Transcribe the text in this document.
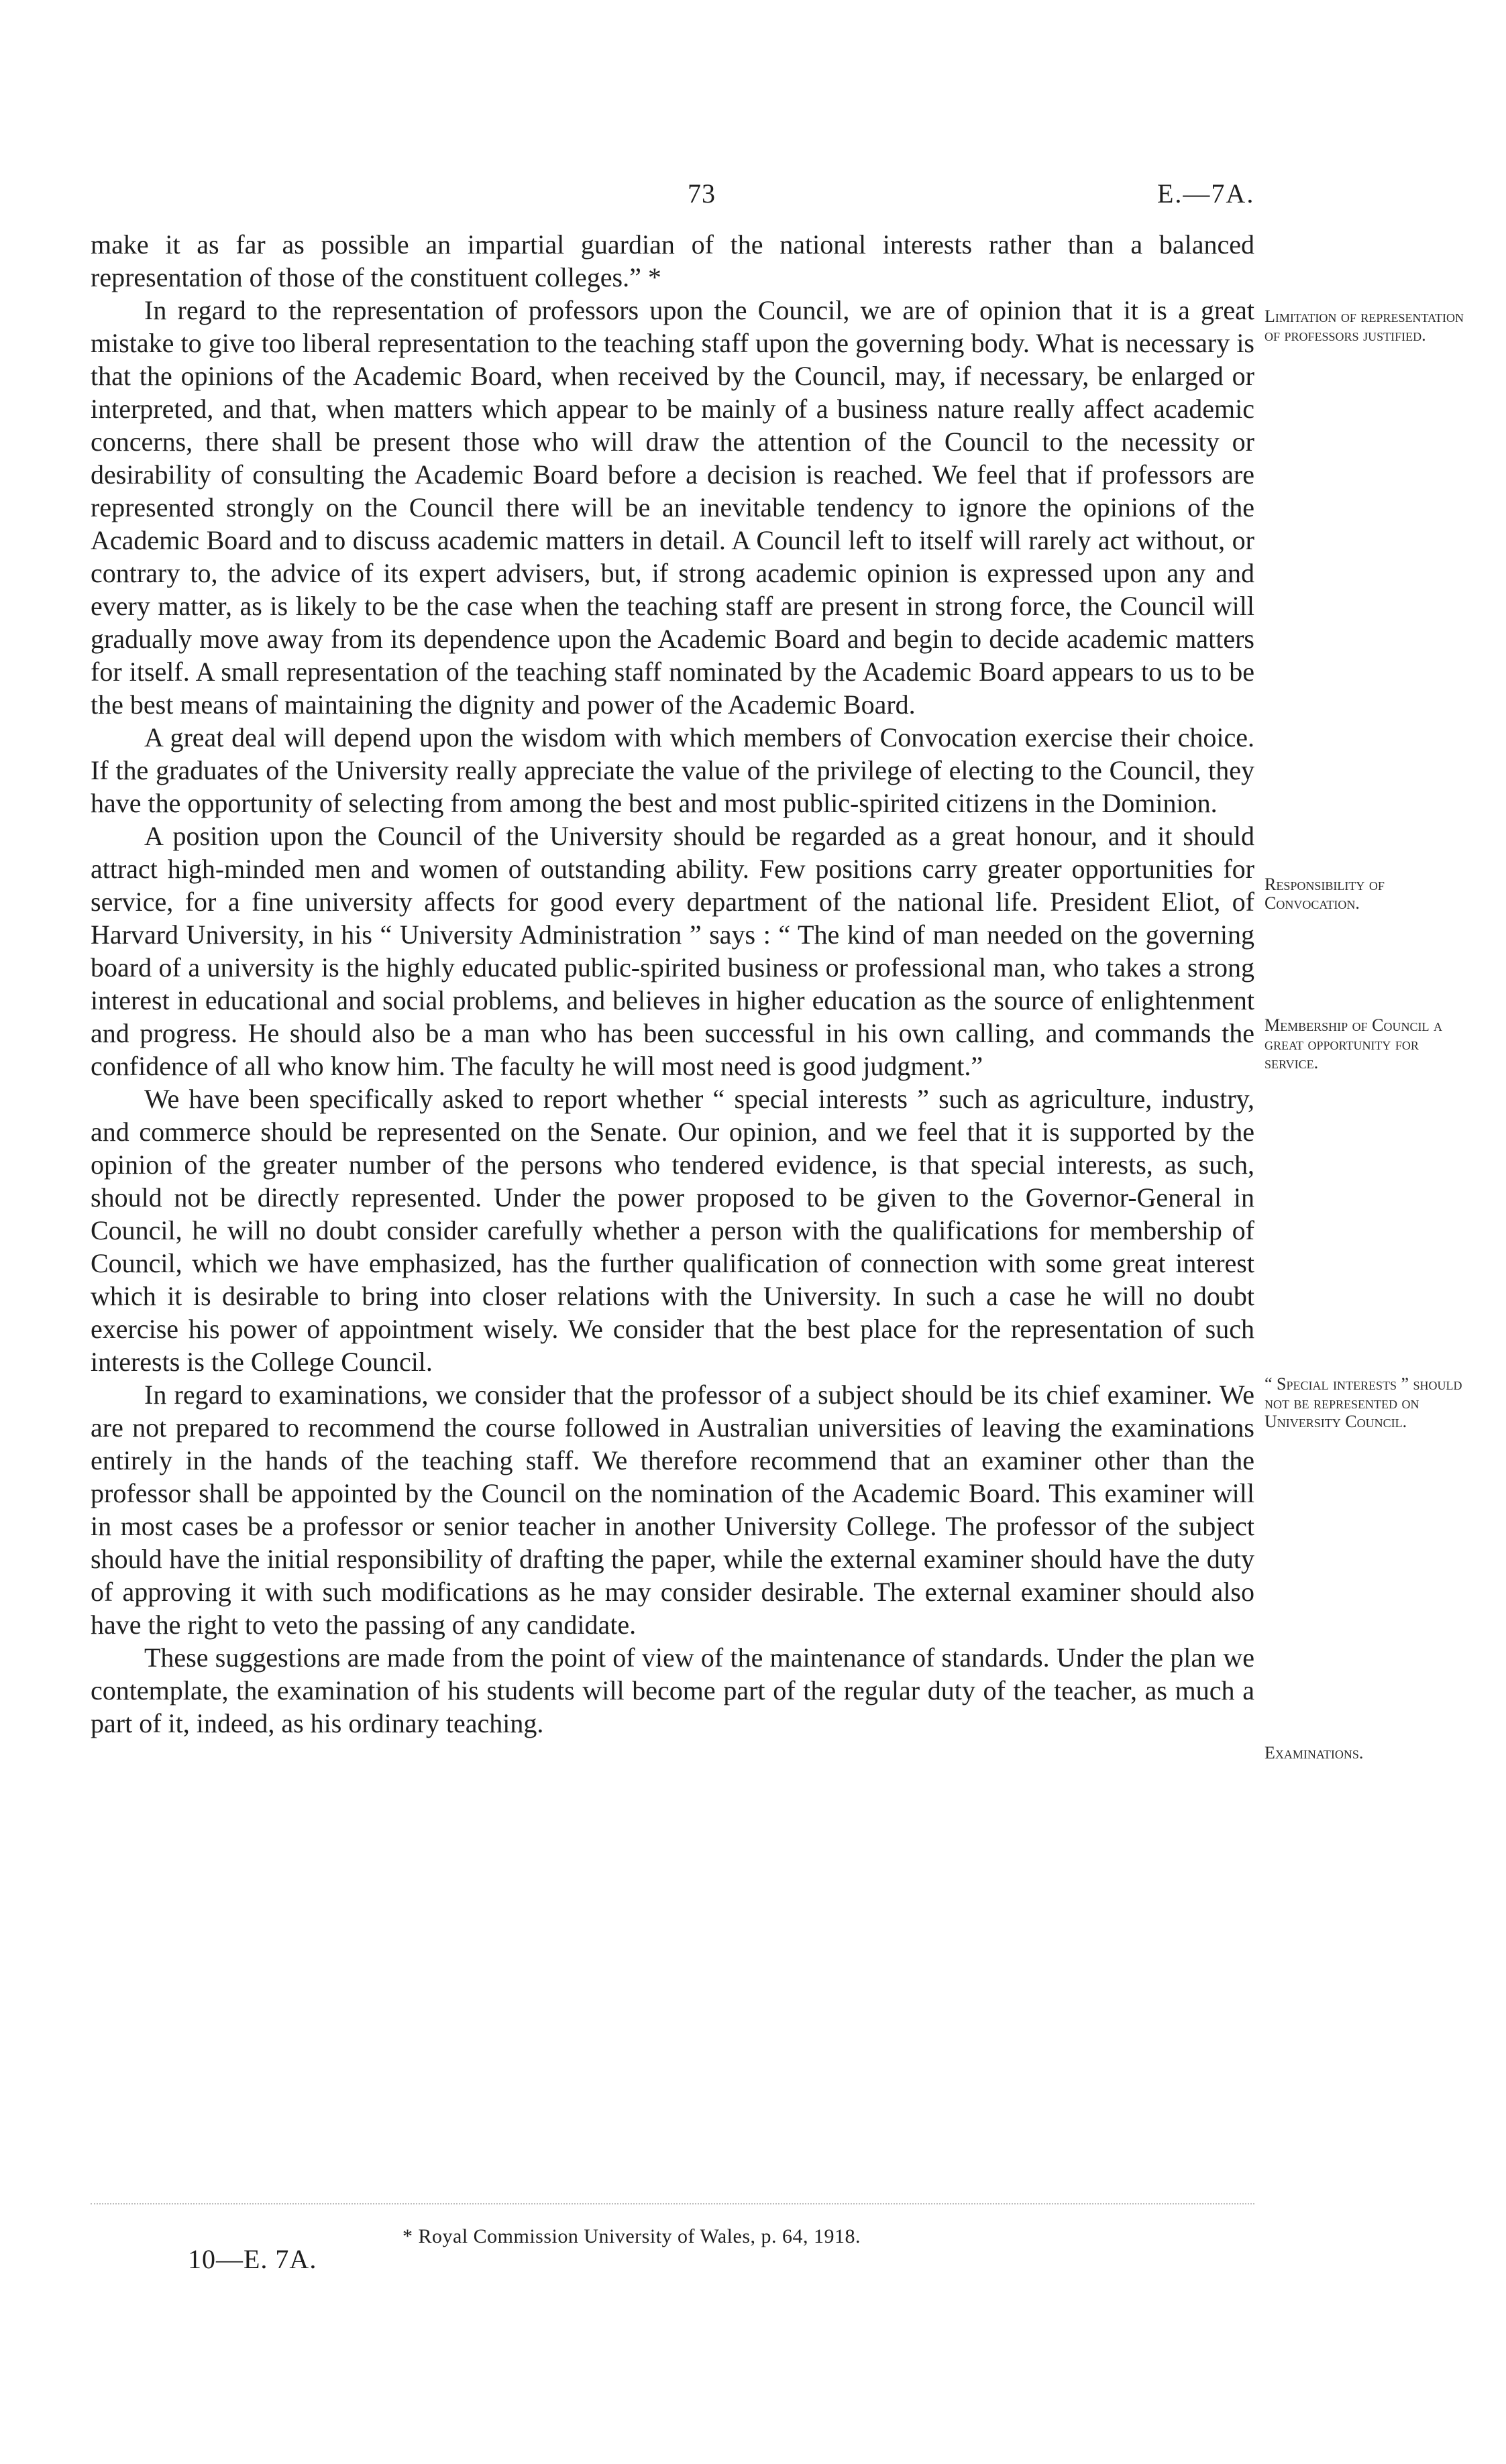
73	E.—7A.

make it as far as possible an impartial guardian of the national interests rather than a balanced representation of those of the constituent colleges.” *

In regard to the representation of professors upon the Council, we are of opinion that it is a great mistake to give too liberal representation to the teaching staff upon the governing body. What is necessary is that the opinions of the Academic Board, when received by the Council, may, if necessary, be enlarged or interpreted, and that, when matters which appear to be mainly of a business nature really affect academic concerns, there shall be present those who will draw the attention of the Council to the necessity or desirability of consulting the Academic Board before a decision is reached. We feel that if professors are represented strongly on the Council there will be an inevitable tendency to ignore the opinions of the Academic Board and to discuss academic matters in detail. A Council left to itself will rarely act without, or contrary to, the advice of its expert advisers, but, if strong academic opinion is expressed upon any and every matter, as is likely to be the case when the teaching staff are present in strong force, the Council will gradually move away from its dependence upon the Academic Board and begin to decide academic matters for itself. A small representation of the teaching staff nominated by the Academic Board appears to us to be the best means of maintaining the dignity and power of the Academic Board.

A great deal will depend upon the wisdom with which members of Convocation exercise their choice. If the graduates of the University really appreciate the value of the privilege of electing to the Council, they have the opportunity of selecting from among the best and most public-spirited citizens in the Dominion.

A position upon the Council of the University should be regarded as a great honour, and it should attract high-minded men and women of outstanding ability. Few positions carry greater opportunities for service, for a fine university affects for good every department of the national life. President Eliot, of Harvard University, in his “ University Administration ” says : “ The kind of man needed on the governing board of a university is the highly educated public-spirited business or professional man, who takes a strong interest in educational and social problems, and believes in higher education as the source of enlightenment and progress. He should also be a man who has been successful in his own calling, and commands the confidence of all who know him. The faculty he will most need is good judgment.”

We have been specifically asked to report whether “ special interests ” such as agriculture, industry, and commerce should be represented on the Senate. Our opinion, and we feel that it is supported by the opinion of the greater number of the persons who tendered evidence, is that special interests, as such, should not be directly represented. Under the power proposed to be given to the Governor-General in Council, he will no doubt consider carefully whether a person with the qualifications for membership of Council, which we have emphasized, has the further qualification of connection with some great interest which it is desirable to bring into closer relations with the University. In such a case he will no doubt exercise his power of appointment wisely. We consider that the best place for the representation of such interests is the College Council.

In regard to examinations, we consider that the professor of a subject should be its chief examiner. We are not prepared to recommend the course followed in Australian universities of leaving the examinations entirely in the hands of the teaching staff. We therefore recommend that an examiner other than the professor shall be appointed by the Council on the nomination of the Academic Board. This examiner will in most cases be a professor or senior teacher in another University College. The professor of the subject should have the initial responsibility of drafting the paper, while the external examiner should have the duty of approving it with such modifications as he may consider desirable. The external examiner should also have the right to veto the passing of any candidate.

These suggestions are made from the point of view of the maintenance of standards. Under the plan we contemplate, the examination of his students will become part of the regular duty of the teacher, as much a part of it, indeed, as his ordinary teaching.

Limitation of representation of professors justified.
Responsibility of Convocation.
Membership of Council a great opportunity for service.
“ Special interests ” should not be represented on University Council.
Examinations.
* Royal Commission University of Wales, p. 64, 1918.
10—E. 7A.
